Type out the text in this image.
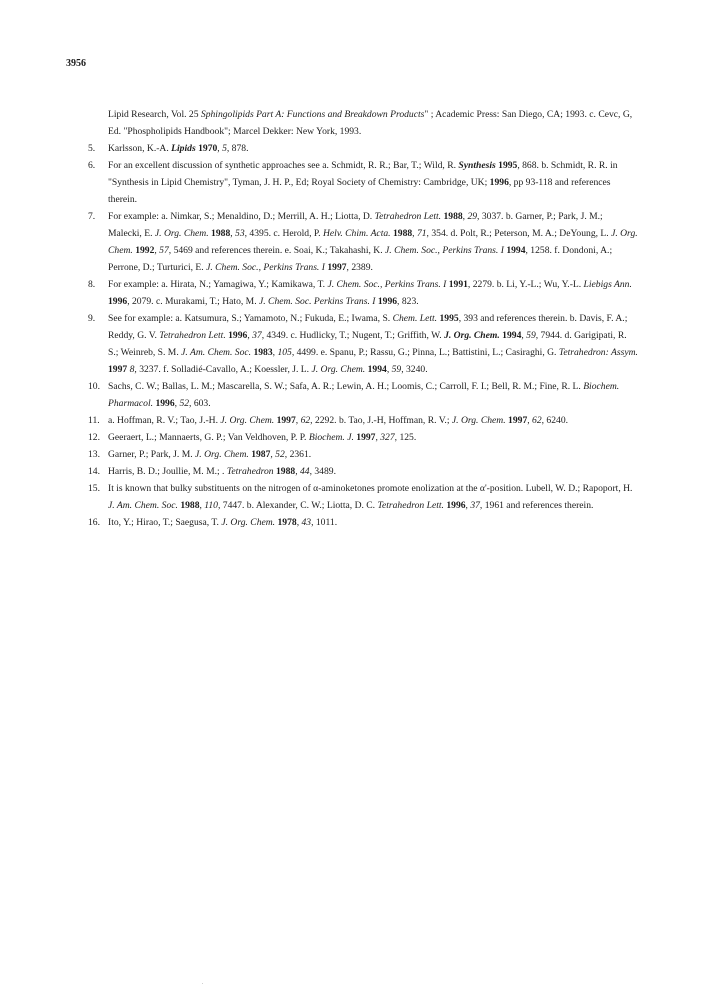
3956
Lipid Research, Vol. 25 Sphingolipids Part A: Functions and Breakdown Products" ; Academic Press: San Diego, CA; 1993. c. Cevc, G, Ed. "Phospholipids Handbook"; Marcel Dekker: New York, 1993.
5. Karlsson, K.-A. Lipids 1970, 5, 878.
6. For an excellent discussion of synthetic approaches see a. Schmidt, R. R.; Bar, T.; Wild, R. Synthesis 1995, 868. b. Schmidt, R. R. in "Synthesis in Lipid Chemistry", Tyman, J. H. P., Ed; Royal Society of Chemistry: Cambridge, UK; 1996, pp 93-118 and references therein.
7. For example: a. Nimkar, S.; Menaldino, D.; Merrill, A. H.; Liotta, D. Tetrahedron Lett. 1988, 29, 3037. b. Garner, P.; Park, J. M.; Malecki, E. J. Org. Chem. 1988, 53, 4395. c. Herold, P. Helv. Chim. Acta. 1988, 71, 354. d. Polt, R.; Peterson, M. A.; DeYoung, L. J. Org. Chem. 1992, 57, 5469 and references therein. e. Soai, K.; Takahashi, K. J. Chem. Soc., Perkins Trans. I 1994, 1258. f. Dondoni, A.; Perrone, D.; Turturici, E. J. Chem. Soc., Perkins Trans. I 1997, 2389.
8. For example: a. Hirata, N.; Yamagiwa, Y.; Kamikawa, T. J. Chem. Soc., Perkins Trans. I 1991, 2279. b. Li, Y.-L.; Wu, Y.-L. Liebigs Ann. 1996, 2079. c. Murakami, T.; Hato, M. J. Chem. Soc. Perkins Trans. I 1996, 823.
9. See for example: a. Katsumura, S.; Yamamoto, N.; Fukuda, E.; Iwama, S. Chem. Lett. 1995, 393 and references therein. b. Davis, F. A.; Reddy, G. V. Tetrahedron Lett. 1996, 37, 4349. c. Hudlicky, T.; Nugent, T.; Griffith, W. J. Org. Chem. 1994, 59, 7944. d. Garigipati, R. S.; Weinreb, S. M. J. Am. Chem. Soc. 1983, 105, 4499. e. Spanu, P.; Rassu, G.; Pinna, L.; Battistini, L.; Casiraghi, G. Tetrahedron: Assym. 1997 8, 3237. f. Solladié-Cavallo, A.; Koessler, J. L. J. Org. Chem. 1994, 59, 3240.
10. Sachs, C. W.; Ballas, L. M.; Mascarella, S. W.; Safa, A. R.; Lewin, A. H.; Loomis, C.; Carroll, F. I.; Bell, R. M.; Fine, R. L. Biochem. Pharmacol. 1996, 52, 603.
11. a. Hoffman, R. V.; Tao, J.-H. J. Org. Chem. 1997, 62, 2292. b. Tao, J.-H, Hoffman, R. V.; J. Org. Chem. 1997, 62, 6240.
12. Geeraert, L.; Mannaerts, G. P.; Van Veldhoven, P. P. Biochem. J. 1997, 327, 125.
13. Garner, P.; Park, J. M. J. Org. Chem. 1987, 52, 2361.
14. Harris, B. D.; Joullie, M. M.; . Tetrahedron 1988, 44, 3489.
15. It is known that bulky substituents on the nitrogen of α-aminoketones promote enolization at the α'-position. Lubell, W. D.; Rapoport, H. J. Am. Chem. Soc. 1988, 110, 7447. b. Alexander, C. W.; Liotta, D. C. Tetrahedron Lett. 1996, 37, 1961 and references therein.
16. Ito, Y.; Hirao, T.; Saegusa, T. J. Org. Chem. 1978, 43, 1011.
